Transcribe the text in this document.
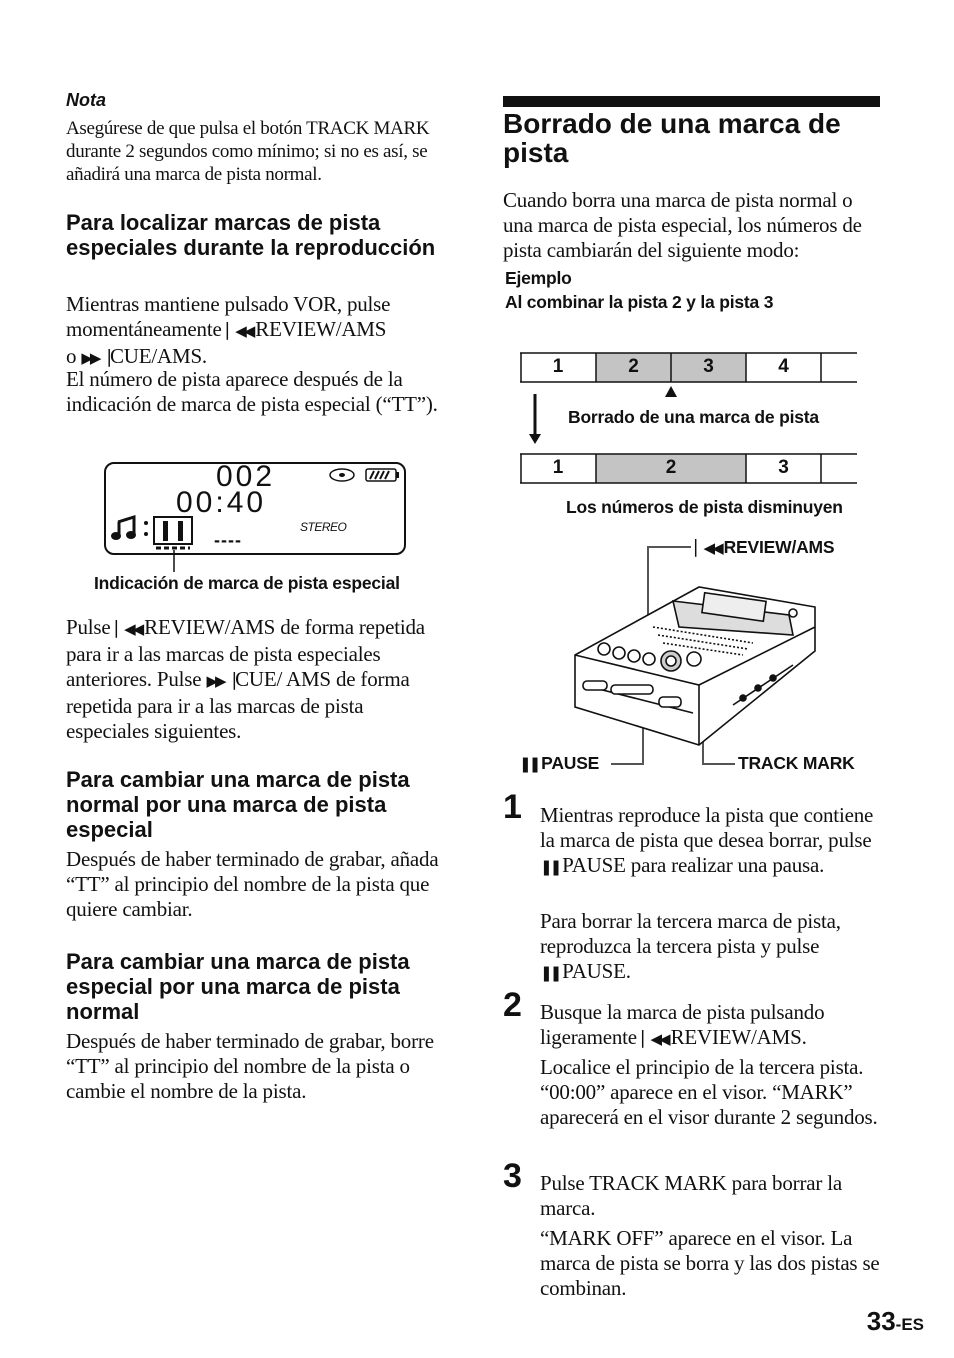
Nota
Asegúrese de que pulsa el botón TRACK MARK durante 2 segundos como mínimo; si no es así, se añadirá una marca de pista normal.
Para localizar marcas de pista especiales durante la reproducción
Mientras mantiene pulsado VOR, pulse momentáneamente ▏◀◀ REVIEW/AMS
o ▶▶▕ CUE/AMS.
El número de pista aparece después de la indicación de marca de pista especial (“TT”).
002
00:40
STEREO
----
Indicación de marca de pista especial
Pulse ▏◀◀ REVIEW/AMS de forma repetida para ir a las marcas de pista especiales anteriores. Pulse ▶▶▕ CUE/ AMS de forma repetida para ir a las marcas de pista especiales siguientes.
Para cambiar una marca de pista normal por una marca de pista especial
Después de haber terminado de grabar, añada “TT” al principio del nombre de la pista que quiere cambiar.
Para cambiar una marca de pista especial por una marca de pista normal
Después de haber terminado de grabar, borre “TT” al principio del nombre de la pista o cambie el nombre de la pista.
Borrado de una marca de pista
Cuando borra una marca de pista normal o una marca de pista especial, los números de pista cambiarán del siguiente modo:
Ejemplo
Al combinar la pista 2 y la pista 3
1	2	3	4
Borrado de una marca de pista
1	2	3
Los números de pista disminuyen
▏◀◀ REVIEW/AMS
❚❚ PAUSE	TRACK MARK
1 Mientras reproduce la pista que contiene la marca de pista que desea borrar, pulse ❚❚ PAUSE para realizar una pausa.
Para borrar la tercera marca de pista, reproduzca la tercera pista y pulse ❚❚ PAUSE.
2 Busque la marca de pista pulsando ligeramente ▏◀◀ REVIEW/AMS.
Localice el principio de la tercera pista. “00:00” aparece en el visor. “MARK” aparecerá en el visor durante 2 segundos.
3 Pulse TRACK MARK para borrar la marca.
“MARK OFF” aparece en el visor. La marca de pista se borra y las dos pistas se combinan.
33-ES
